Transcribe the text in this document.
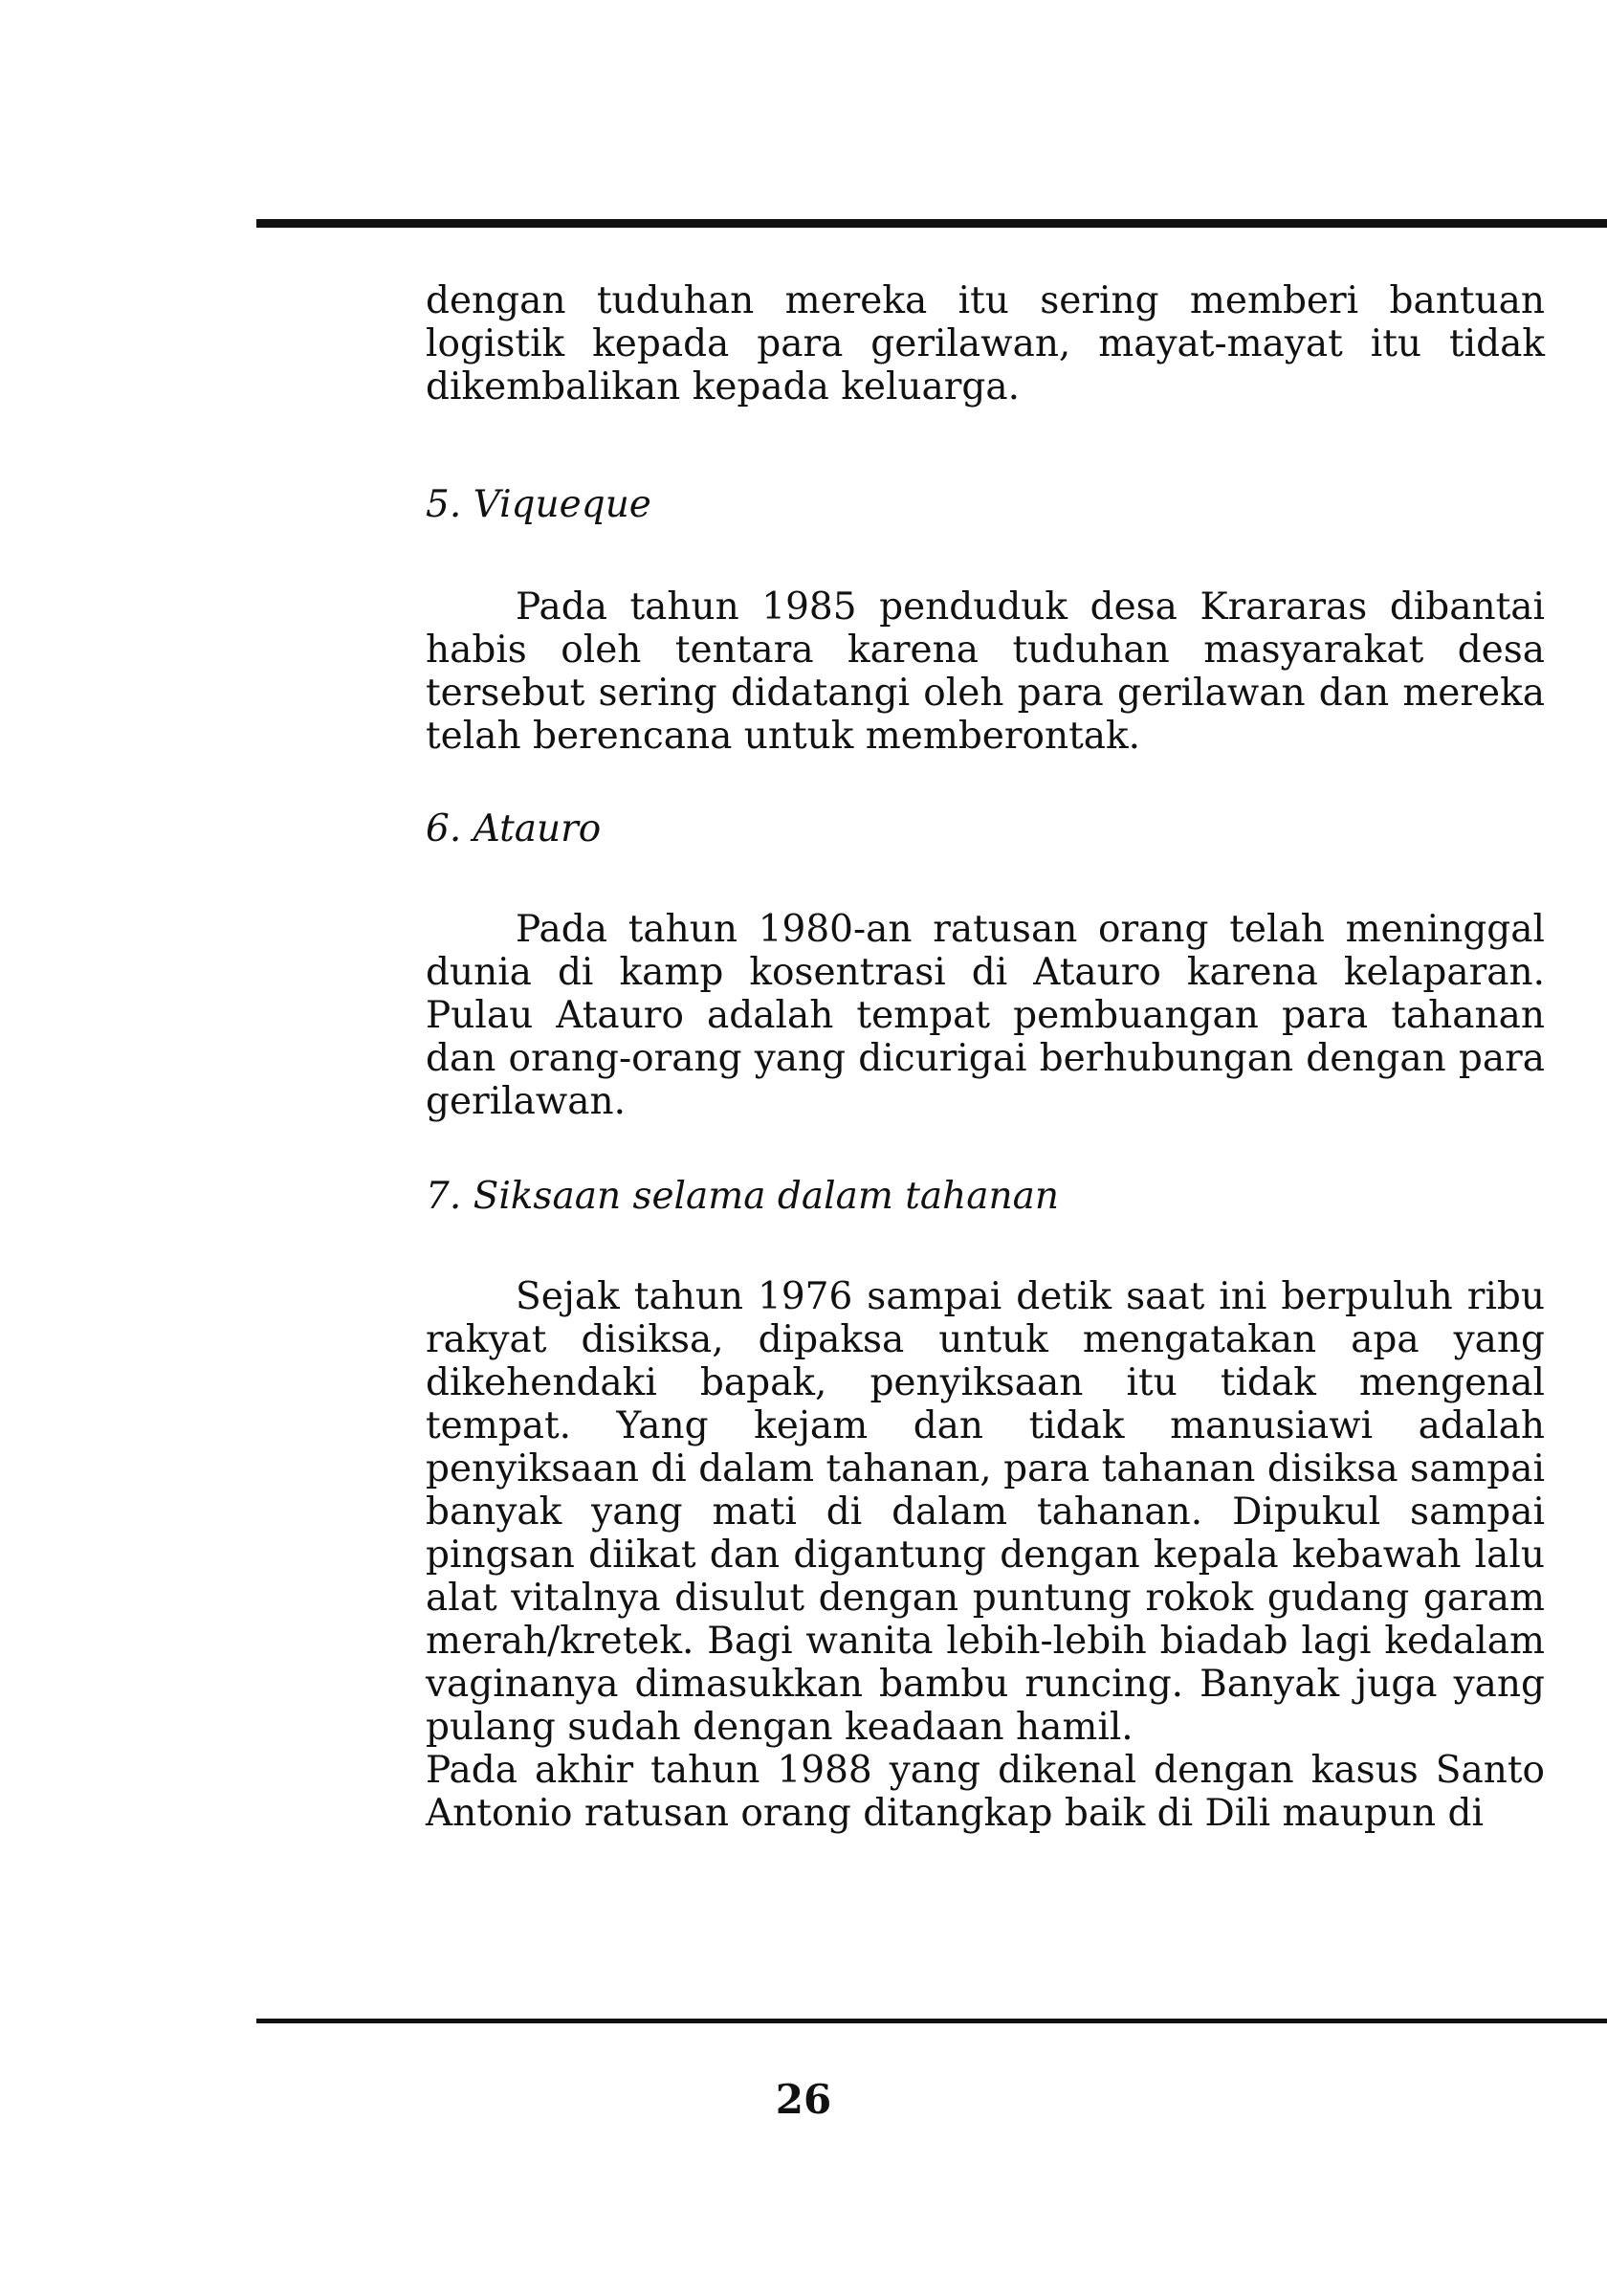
dengan tuduhan mereka itu sering memberi bantuan logistik kepada para gerilawan, mayat-mayat itu tidak dikembalikan kepada keluarga.

5. Viqueque

Pada tahun 1985 penduduk desa Krararas dibantai habis oleh tentara karena tuduhan masyarakat desa tersebut sering didatangi oleh para gerilawan dan mereka telah berencana untuk memberontak.

6. Atauro

Pada tahun 1980-an ratusan orang telah meninggal dunia di kamp kosentrasi di Atauro karena kelaparan. Pulau Atauro adalah tempat pembuangan para tahanan dan orang-orang yang dicurigai berhubungan dengan para gerilawan.

7. Siksaan selama dalam tahanan

Sejak tahun 1976 sampai detik saat ini berpuluh ribu rakyat disiksa, dipaksa untuk mengatakan apa yang dikehendaki bapak, penyiksaan itu tidak mengenal tempat. Yang kejam dan tidak manusiawi adalah penyiksaan di dalam tahanan, para tahanan disiksa sampai banyak yang mati di dalam tahanan. Dipukul sampai pingsan diikat dan digantung dengan kepala kebawah lalu alat vitalnya disulut dengan puntung rokok gudang garam merah/kretek. Bagi wanita lebih-lebih biadab lagi kedalam vaginanya dimasukkan bambu runcing. Banyak juga yang pulang sudah dengan keadaan hamil.

Pada akhir tahun 1988 yang dikenal dengan kasus Santo Antonio ratusan orang ditangkap baik di Dili maupun di

26
